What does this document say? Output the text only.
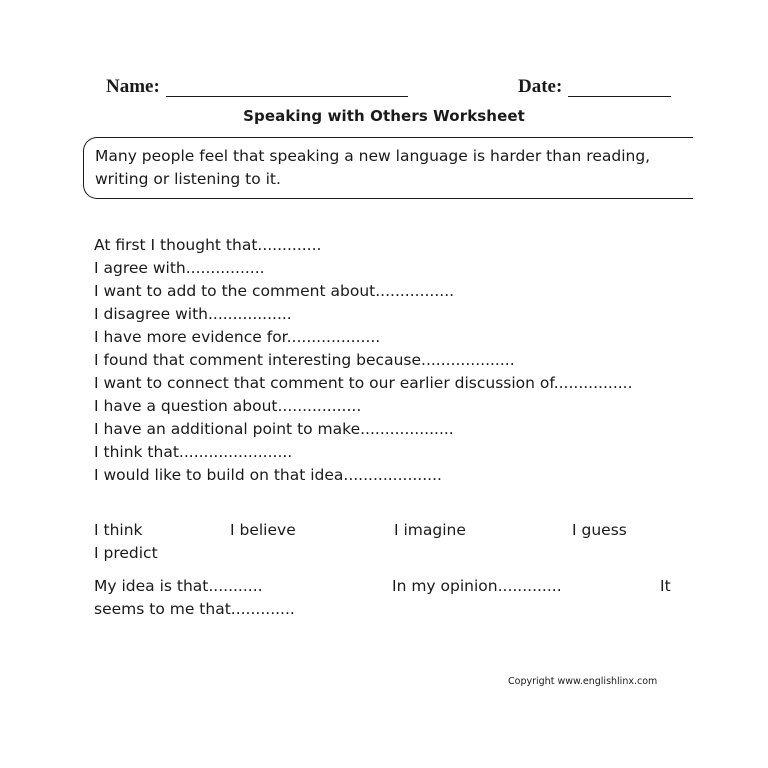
Name:	Date:
Speaking with Others Worksheet
Many people feel that speaking a new language is harder than reading, writing or listening to it.
At first I thought that.............
I agree with................
I want to add to the comment about................
I disagree with.................
I have more evidence for...................
I found that comment interesting because...................
I want to connect that comment to our earlier discussion of................
I have a question about.................
I have an additional point to make...................
I think that.......................
I would like to build on that idea....................
I think	I believe	I imagine	I guess
I predict
My idea is that...........	In my opinion.............	It
seems to me that.............
Copyright www.englishlinx.com
